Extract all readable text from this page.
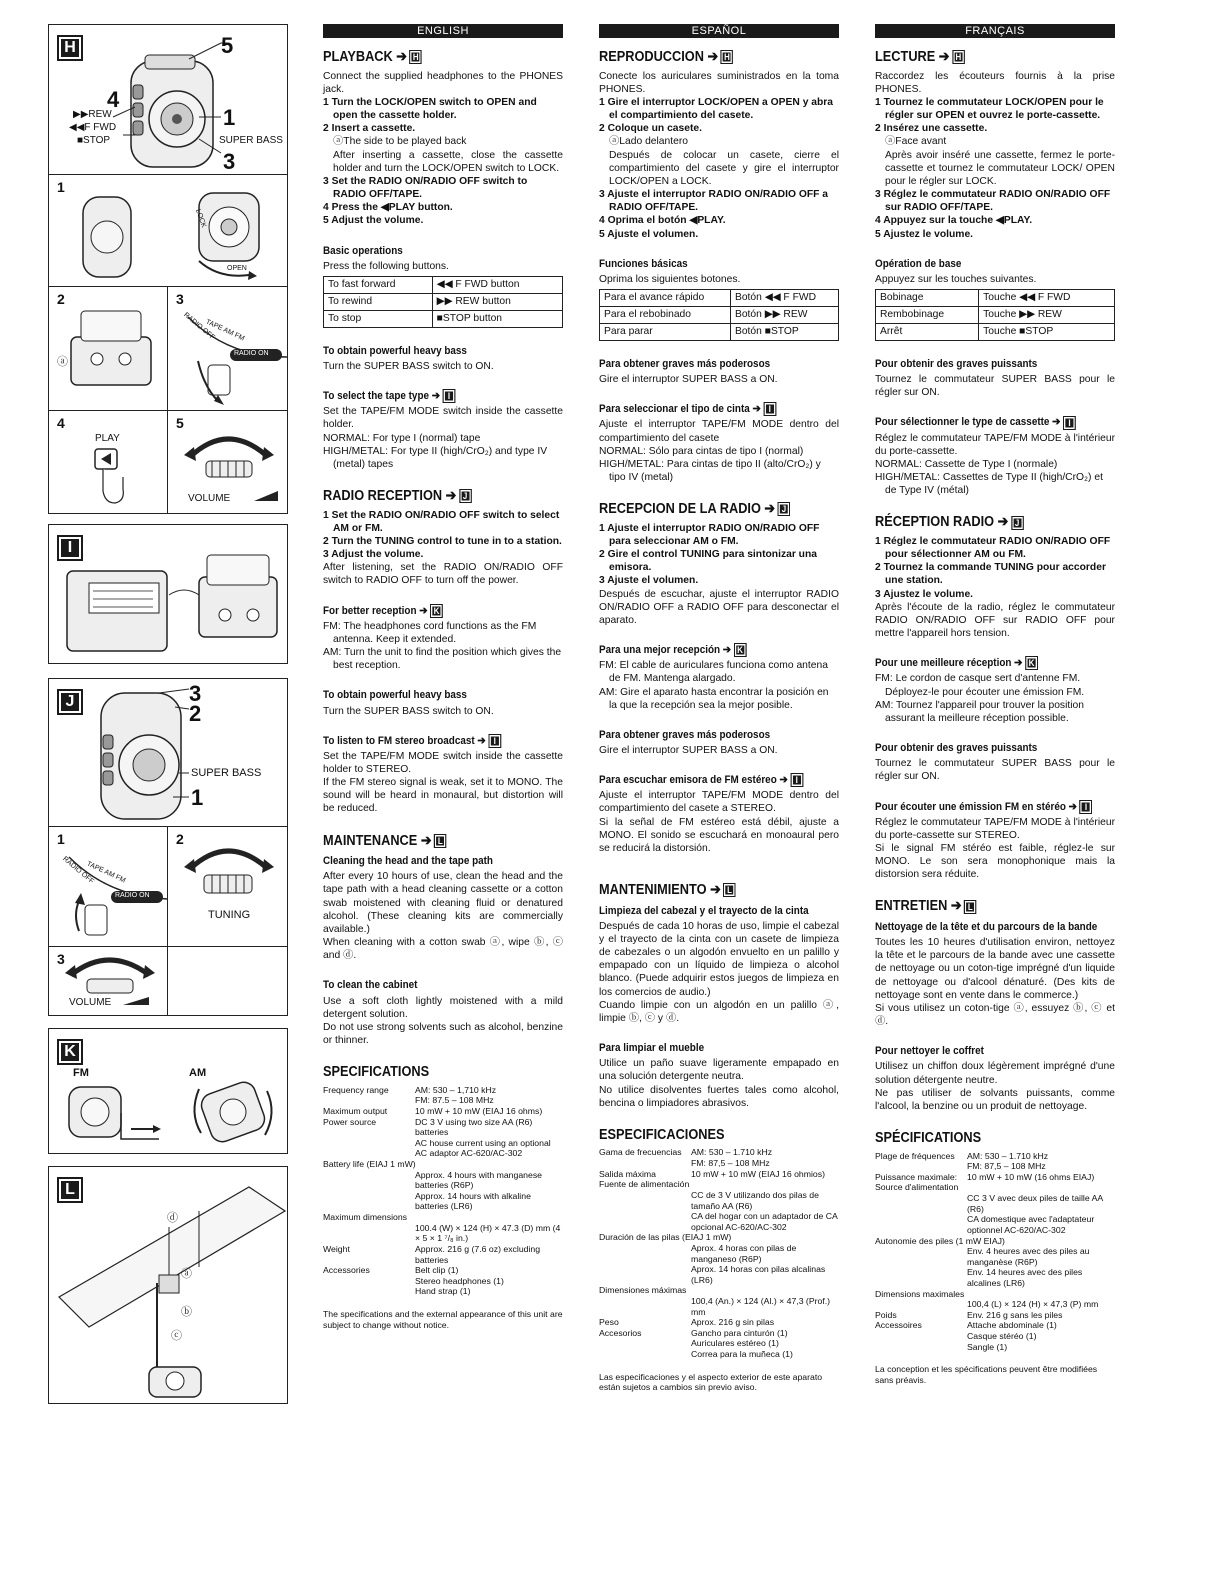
H	5
4
1
3
▶▶REW
◀◀F FWD
■STOP	SUPER BASS
1
LOCK
OPEN
2
ⓐ
3
RADIO OFF
RADIO ON
TAPE AM FM
4
PLAY
5
VOLUME
I
J	3
2
SUPER BASS
1
1
RADIO OFF
RADIO ON
TAPE AM FM
2
TUNING
3
VOLUME
K
FM	AM
L
ⓓ
ⓐ
ⓑ
ⓒ
ENGLISH
PLAYBACK ➔ H

Connect the supplied headphones to the PHONES jack.

1 Turn the LOCK/OPEN switch to OPEN and open the cassette holder.

2 Insert a cassette.

ⓐThe side to be played back

After inserting a cassette, close the cassette holder and turn the LOCK/OPEN switch to LOCK.

3 Set the RADIO ON/RADIO OFF switch to RADIO OFF/TAPE.

4 Press the ◀PLAY button.

5 Adjust the volume.

Basic operations

Press the following buttons.

To fast forward	◀◀ F FWD button
To rewind	▶▶ REW button
To stop	■STOP button
To obtain powerful heavy bass

Turn the SUPER BASS switch to ON.

To select the tape type ➔ I

Set the TAPE/FM MODE switch inside the cassette holder.

NORMAL: For type I (normal) tape

HIGH/METAL: For type II (high/CrO₂) and type IV (metal) tapes

RADIO RECEPTION ➔ J

1 Set the RADIO ON/RADIO OFF switch to select AM or FM.

2 Turn the TUNING control to tune in to a station.

3 Adjust the volume.

After listening, set the RADIO ON/RADIO OFF switch to RADIO OFF to turn off the power.

For better reception ➔ K

FM: The headphones cord functions as the FM antenna. Keep it extended.

AM: Turn the unit to find the position which gives the best reception.

To obtain powerful heavy bass

Turn the SUPER BASS switch to ON.

To listen to FM stereo broadcast ➔ I

Set the TAPE/FM MODE switch inside the cassette holder to STEREO.

If the FM stereo signal is weak, set it to MONO. The sound will be heard in monaural, but distortion will be reduced.

MAINTENANCE ➔ L
Cleaning the head and the tape path

After every 10 hours of use, clean the head and the tape path with a head cleaning cassette or a cotton swab moistened with cleaning fluid or denatured alcohol. (These cleaning kits are commercially available.)

When cleaning with a cotton swab ⓐ, wipe ⓑ, ⓒ and ⓓ.

To clean the cabinet

Use a soft cloth lightly moistened with a mild detergent solution.

Do not use strong solvents such as alcohol, benzine or thinner.

SPECIFICATIONS
Frequency range	AM: 530 – 1,710 kHz
FM: 87.5 – 108 MHz
Maximum output	10 mW + 10 mW (EIAJ 16 ohms)
Power source	DC 3 V using two size AA (R6) batteries
AC house current using an optional AC adaptor AC-620/AC-302
Battery life (EIAJ 1 mW)
Approx. 4 hours with manganese batteries (R6P)
Approx. 14 hours with alkaline batteries (LR6)
Maximum dimensions
100.4 (W) × 124 (H) × 47.3 (D) mm (4 × 5 × 1 ⁷/₈ in.)
Weight	Approx. 216 g (7.6 oz) excluding batteries
Accessories	Belt clip (1)
Stereo headphones (1)
Hand strap (1)

The specifications and the external appearance of this unit are subject to change without notice.

ESPAÑOL
REPRODUCCION ➔ H

Conecte los auriculares suministrados en la toma PHONES.

1 Gire el interruptor LOCK/OPEN a OPEN y abra el compartimiento del casete.

2 Coloque un casete.

ⓐLado delantero

Después de colocar un casete, cierre el compartimiento del casete y gire el interruptor LOCK/OPEN a LOCK.

3 Ajuste el interruptor RADIO ON/RADIO OFF a RADIO OFF/TAPE.

4 Oprima el botón ◀PLAY.

5 Ajuste el volumen.

Funciones básicas

Oprima los siguientes botones.

Para el avance rápido	Botón ◀◀ F FWD
Para el rebobinado	Botón ▶▶ REW
Para parar	Botón ■STOP
Para obtener graves más poderosos

Gire el interruptor SUPER BASS a ON.

Para seleccionar el tipo de cinta ➔ I

Ajuste el interruptor TAPE/FM MODE dentro del compartimiento del casete

NORMAL: Sólo para cintas de tipo I (normal)

HIGH/METAL: Para cintas de tipo II (alto/CrO₂) y tipo IV (metal)

RECEPCION DE LA RADIO ➔ J

1 Ajuste el interruptor RADIO ON/RADIO OFF para seleccionar AM o FM.

2 Gire el control TUNING para sintonizar una emisora.

3 Ajuste el volumen.

Después de escuchar, ajuste el interruptor RADIO ON/RADIO OFF a RADIO OFF para desconectar el aparato.

Para una mejor recepción ➔ K

FM: El cable de auriculares funciona como antena de FM. Mantenga alargado.

AM: Gire el aparato hasta encontrar la posición en la que la recepción sea la mejor posible.

Para obtener graves más poderosos

Gire el interruptor SUPER BASS a ON.

Para escuchar emisora de FM estéreo ➔ I

Ajuste el interruptor TAPE/FM MODE dentro del compartimiento del casete a STEREO.

Si la señal de FM estéreo está débil, ajuste a MONO. El sonido se escuchará en monoaural pero se reducirá la distorsión.

MANTENIMIENTO ➔ L
Limpieza del cabezal y el trayecto de la cinta

Después de cada 10 horas de uso, limpie el cabezal y el trayecto de la cinta con un casete de limpieza de cabezales o un algodón envuelto en un palillo y empapado con un líquido de limpieza o alcohol blanco. (Puede adquirir estos juegos de limpieza en los comercios de audio.)

Cuando limpie con un algodón en un palillo ⓐ, limpie ⓑ, ⓒ y ⓓ.

Para limpiar el mueble

Utilice un paño suave ligeramente empapado en una solución detergente neutra.

No utilice disolventes fuertes tales como alcohol, bencina o limpiadores abrasivos.

ESPECIFICACIONES
Gama de frecuencias	AM: 530 – 1.710 kHz
FM: 87,5 – 108 MHz
Salida máxima	10 mW + 10 mW (EIAJ 16 ohmios)
Fuente de alimentación
CC de 3 V utilizando dos pilas de tamaño AA (R6)
CA del hogar con un adaptador de CA opcional AC-620/AC-302
Duración de las pilas (EIAJ 1 mW)
Aprox. 4 horas con pilas de manganeso (R6P)
Aprox. 14 horas con pilas alcalinas (LR6)
Dimensiones máximas
100,4 (An.) × 124 (Al.) × 47,3 (Prof.) mm
Peso	Aprox. 216 g sin pilas
Accesorios	Gancho para cinturón (1)
Auriculares estéreo (1)
Correa para la muñeca (1)

Las especificaciones y el aspecto exterior de este aparato están sujetos a cambios sin previo aviso.

FRANÇAIS
LECTURE ➔ H

Raccordez les écouteurs fournis à la prise PHONES.

1 Tournez le commutateur LOCK/OPEN pour le régler sur OPEN et ouvrez le porte-cassette.

2 Insérez une cassette.

ⓐFace avant

Après avoir inséré une cassette, fermez le porte-cassette et tournez le commutateur LOCK/ OPEN pour le régler sur LOCK.

3 Réglez le commutateur RADIO ON/RADIO OFF sur RADIO OFF/TAPE.

4 Appuyez sur la touche ◀PLAY.

5 Ajustez le volume.

Opération de base

Appuyez sur les touches suivantes.

Bobinage	Touche ◀◀ F FWD
Rembobinage	Touche ▶▶ REW
Arrêt	Touche ■STOP
Pour obtenir des graves puissants

Tournez le commutateur SUPER BASS pour le régler sur ON.

Pour sélectionner le type de cassette ➔ I

Réglez le commutateur TAPE/FM MODE à l'intérieur du porte-cassette.

NORMAL: Cassette de Type I (normale)

HIGH/METAL: Cassettes de Type II (high/CrO₂) et de Type IV (métal)

RÉCEPTION RADIO ➔ J

1 Réglez le commutateur RADIO ON/RADIO OFF pour sélectionner AM ou FM.

2 Tournez la commande TUNING pour accorder une station.

3 Ajustez le volume.

Après l'écoute de la radio, réglez le commutateur RADIO ON/RADIO OFF sur RADIO OFF pour mettre l'appareil hors tension.

Pour une meilleure réception ➔ K

FM: Le cordon de casque sert d'antenne FM. Déployez-le pour écouter une émission FM.

AM: Tournez l'appareil pour trouver la position assurant la meilleure réception possible.

Pour obtenir des graves puissants

Tournez le commutateur SUPER BASS pour le régler sur ON.

Pour écouter une émission FM en stéréo ➔ I

Réglez le commutateur TAPE/FM MODE à l'intérieur du porte-cassette sur STEREO.

Si le signal FM stéréo est faible, réglez-le sur MONO. Le son sera monophonique mais la distorsion sera réduite.

ENTRETIEN ➔ L
Nettoyage de la tête et du parcours de la bande

Toutes les 10 heures d'utilisation environ, nettoyez la tête et le parcours de la bande avec une cassette de nettoyage ou un coton-tige imprégné d'un liquide de nettoyage ou d'alcool dénaturé. (Des kits de nettoyage sont en vente dans le commerce.)

Si vous utilisez un coton-tige ⓐ, essuyez ⓑ, ⓒ et ⓓ.

Pour nettoyer le coffret

Utilisez un chiffon doux légèrement imprégné d'une solution détergente neutre.

Ne pas utiliser de solvants puissants, comme l'alcool, la benzine ou un produit de nettoyage.

SPÉCIFICATIONS
Plage de fréquences	AM: 530 – 1.710 kHz
FM: 87,5 – 108 MHz
Puissance maximale:	10 mW + 10 mW (16 ohms EIAJ)
Source d'alimentation
CC 3 V avec deux piles de taille AA (R6)
CA domestique avec l'adaptateur optionnel AC-620/AC-302
Autonomie des piles (1 mW EIAJ)
Env. 4 heures avec des piles au manganèse (R6P)
Env. 14 heures avec des piles alcalines (LR6)
Dimensions maximales
100,4 (L) × 124 (H) × 47,3 (P) mm
Poids	Env. 216 g sans les piles
Accessoires	Attache abdominale (1)
Casque stéréo (1)
Sangle (1)

La conception et les spécifications peuvent être modifiées sans préavis.
